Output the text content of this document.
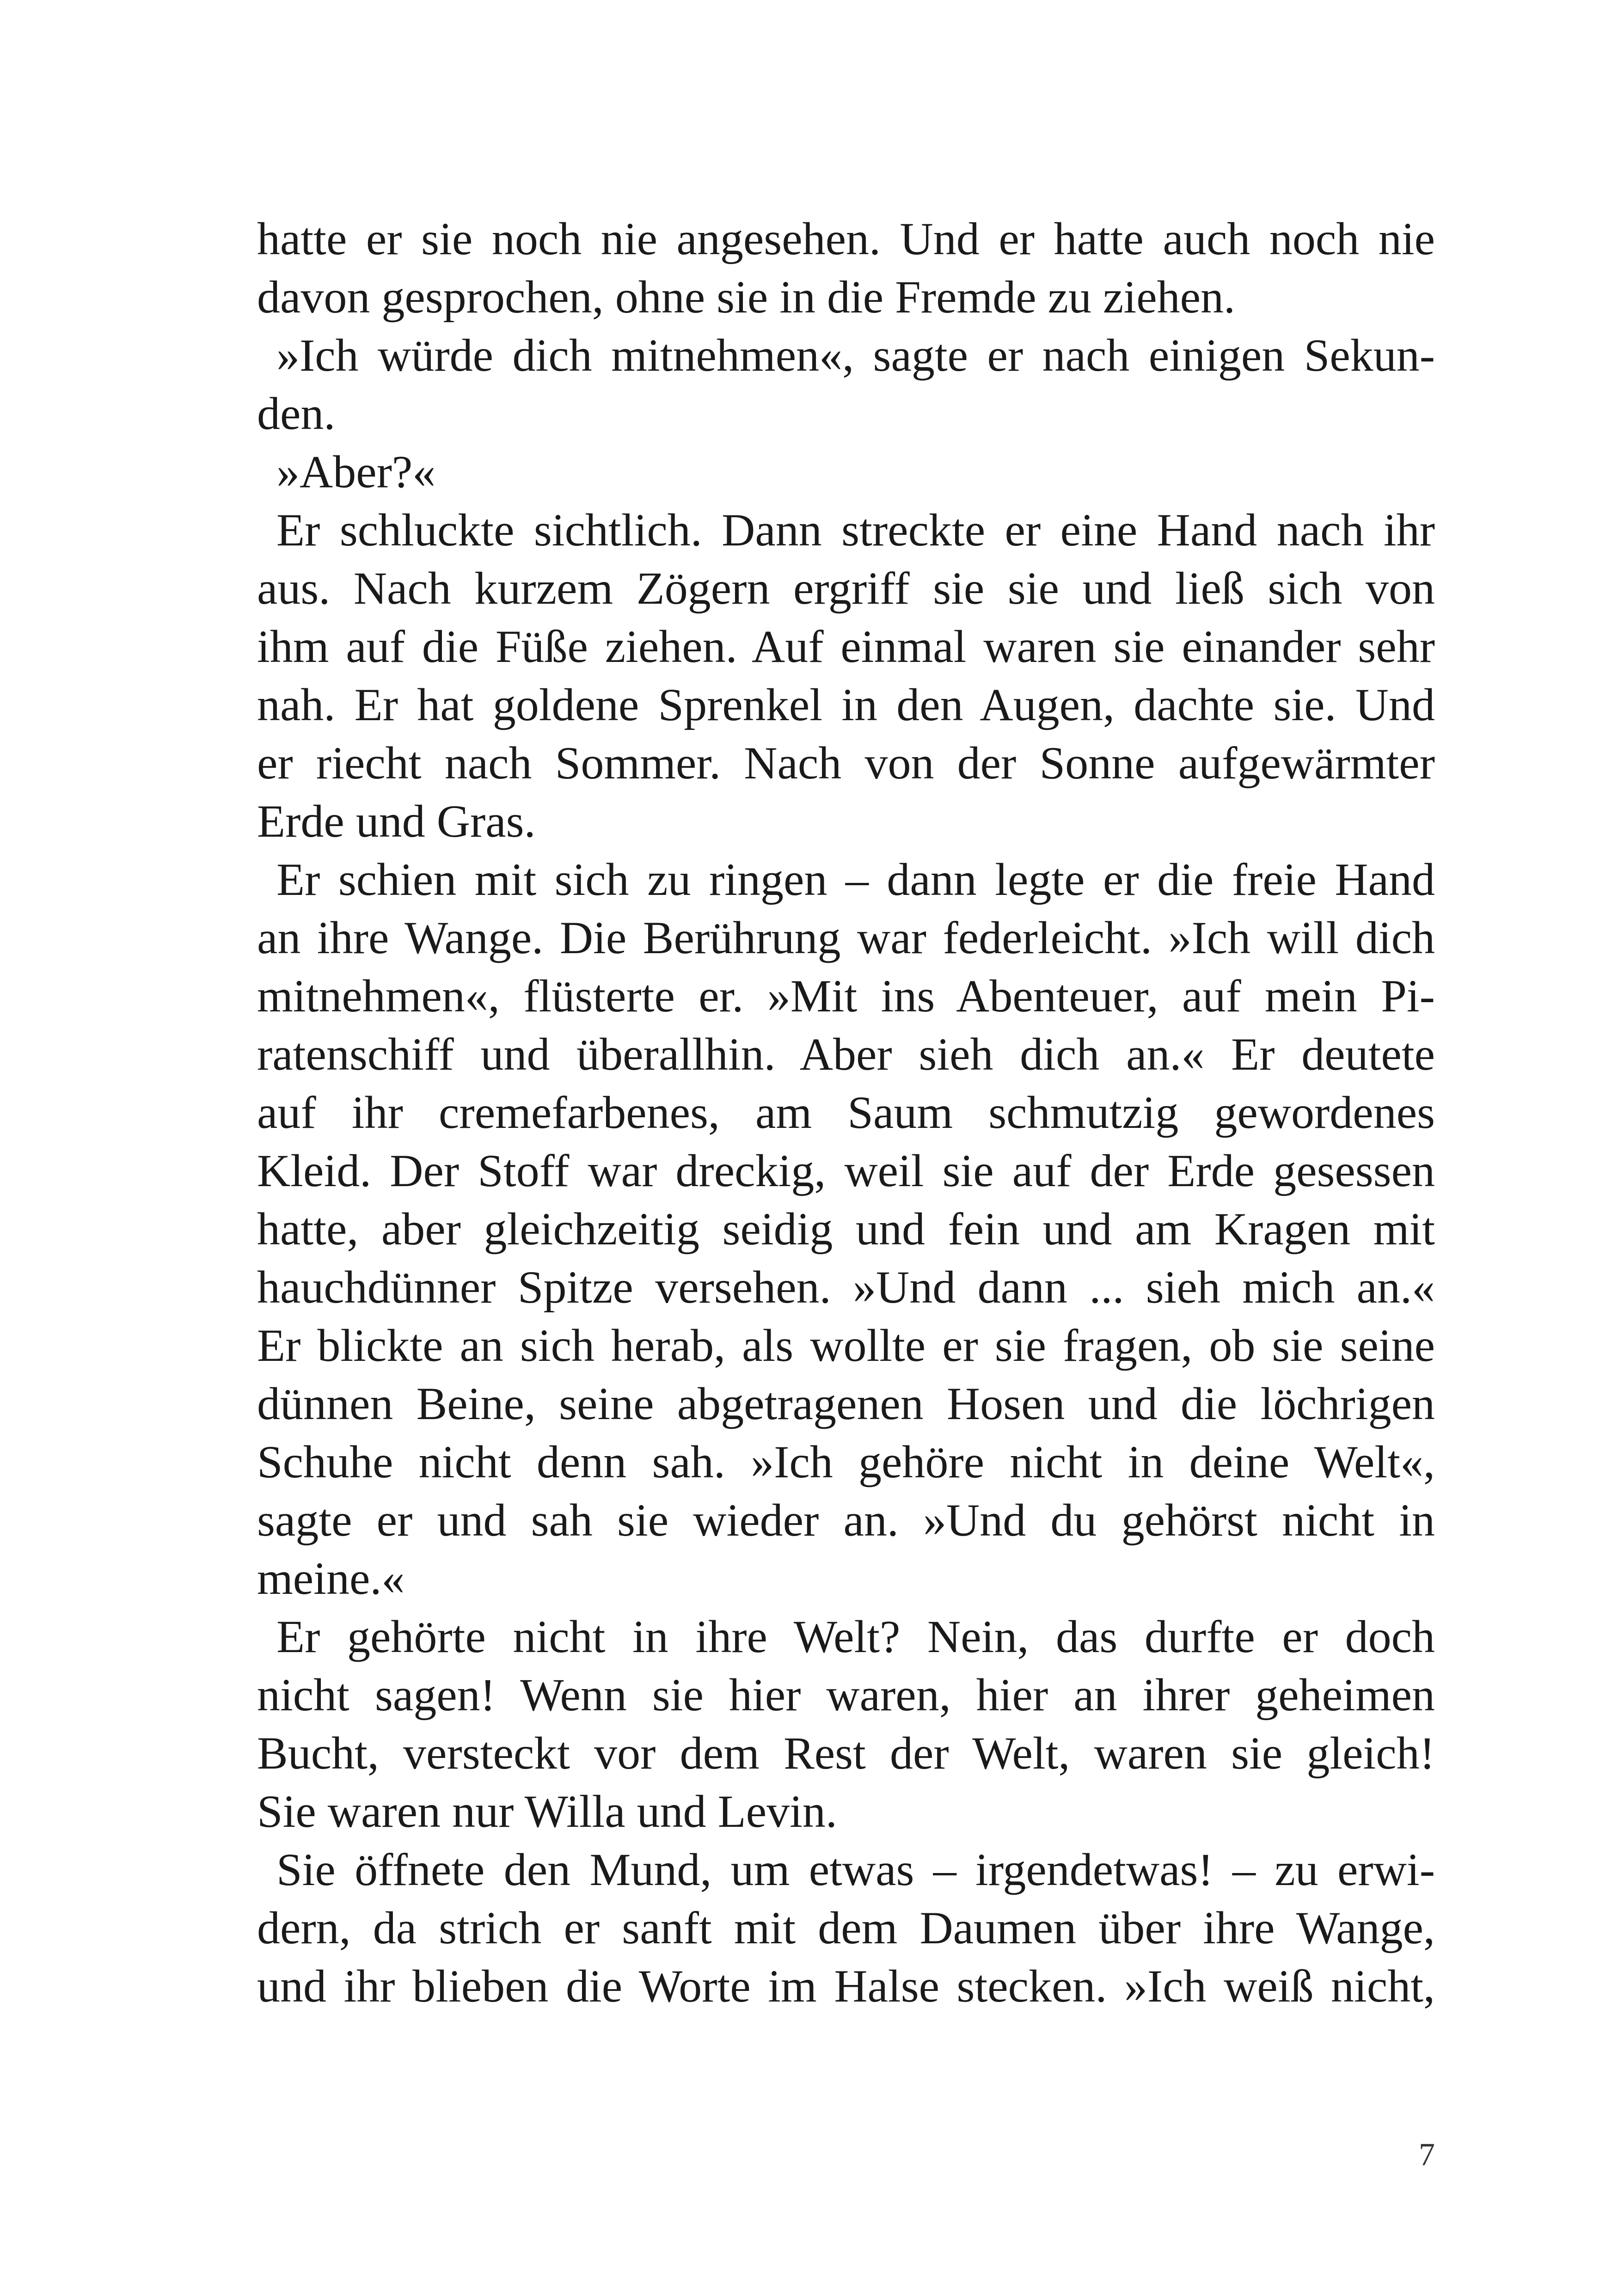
hatte er sie noch nie angesehen. Und er hatte auch noch nie
davon gesprochen, ohne sie in die Fremde zu ziehen.
»Ich würde dich mitnehmen«, sagte er nach einigen Sekun-
den.
»Aber?«
Er schluckte sichtlich. Dann streckte er eine Hand nach ihr
aus. Nach kurzem Zögern ergriff sie sie und ließ sich von
ihm auf die Füße ziehen. Auf einmal waren sie einander sehr
nah. Er hat goldene Sprenkel in den Augen, dachte sie. Und
er riecht nach Sommer. Nach von der Sonne aufgewärmter
Erde und Gras.
Er schien mit sich zu ringen – dann legte er die freie Hand
an ihre Wange. Die Berührung war federleicht. »Ich will dich
mitnehmen«, flüsterte er. »Mit ins Abenteuer, auf mein Pi-
ratenschiff und überallhin. Aber sieh dich an.« Er deutete
auf ihr cremefarbenes, am Saum schmutzig gewordenes
Kleid. Der Stoff war dreckig, weil sie auf der Erde gesessen
hatte, aber gleichzeitig seidig und fein und am Kragen mit
hauchdünner Spitze versehen. »Und dann ... sieh mich an.«
Er blickte an sich herab, als wollte er sie fragen, ob sie seine
dünnen Beine, seine abgetragenen Hosen und die löchrigen
Schuhe nicht denn sah. »Ich gehöre nicht in deine Welt«,
sagte er und sah sie wieder an. »Und du gehörst nicht in
meine.«
Er gehörte nicht in ihre Welt? Nein, das durfte er doch
nicht sagen! Wenn sie hier waren, hier an ihrer geheimen
Bucht, versteckt vor dem Rest der Welt, waren sie gleich!
Sie waren nur Willa und Levin.
Sie öffnete den Mund, um etwas – irgendetwas! – zu erwi-
dern, da strich er sanft mit dem Daumen über ihre Wange,
und ihr blieben die Worte im Halse stecken. »Ich weiß nicht,
7
